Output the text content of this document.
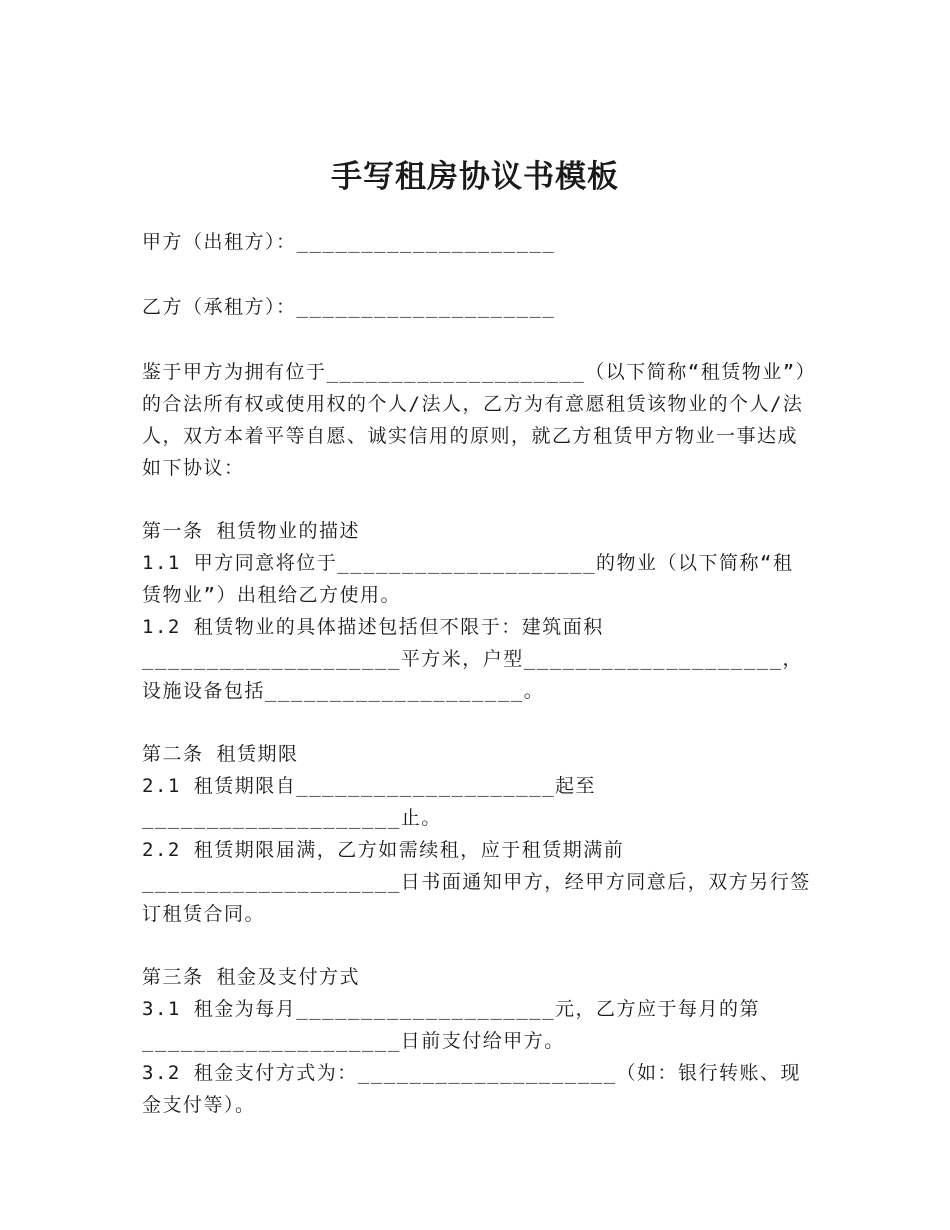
手写租房协议书模板

甲方（出租方）：____________________

乙方（承租方）：____________________

鉴于甲方为拥有位于____________________（以下简称“租赁物业”）的合法所有权或使用权的个人/法人，乙方为有意愿租赁该物业的个人/法人，双方本着平等自愿、诚实信用的原则，就乙方租赁甲方物业一事达成如下协议：

第一条 租赁物业的描述

1.1 甲方同意将位于____________________的物业（以下简称“租赁物业”）出租给乙方使用。

1.2 租赁物业的具体描述包括但不限于：建筑面积____________________平方米，户型____________________，设施设备包括____________________。

第二条 租赁期限

2.1 租赁期限自____________________起至____________________止。

2.2 租赁期限届满，乙方如需续租，应于租赁期满前____________________日书面通知甲方，经甲方同意后，双方另行签订租赁合同。

第三条 租金及支付方式

3.1 租金为每月____________________元，乙方应于每月的第____________________日前支付给甲方。

3.2 租金支付方式为：____________________（如：银行转账、现金支付等）。
